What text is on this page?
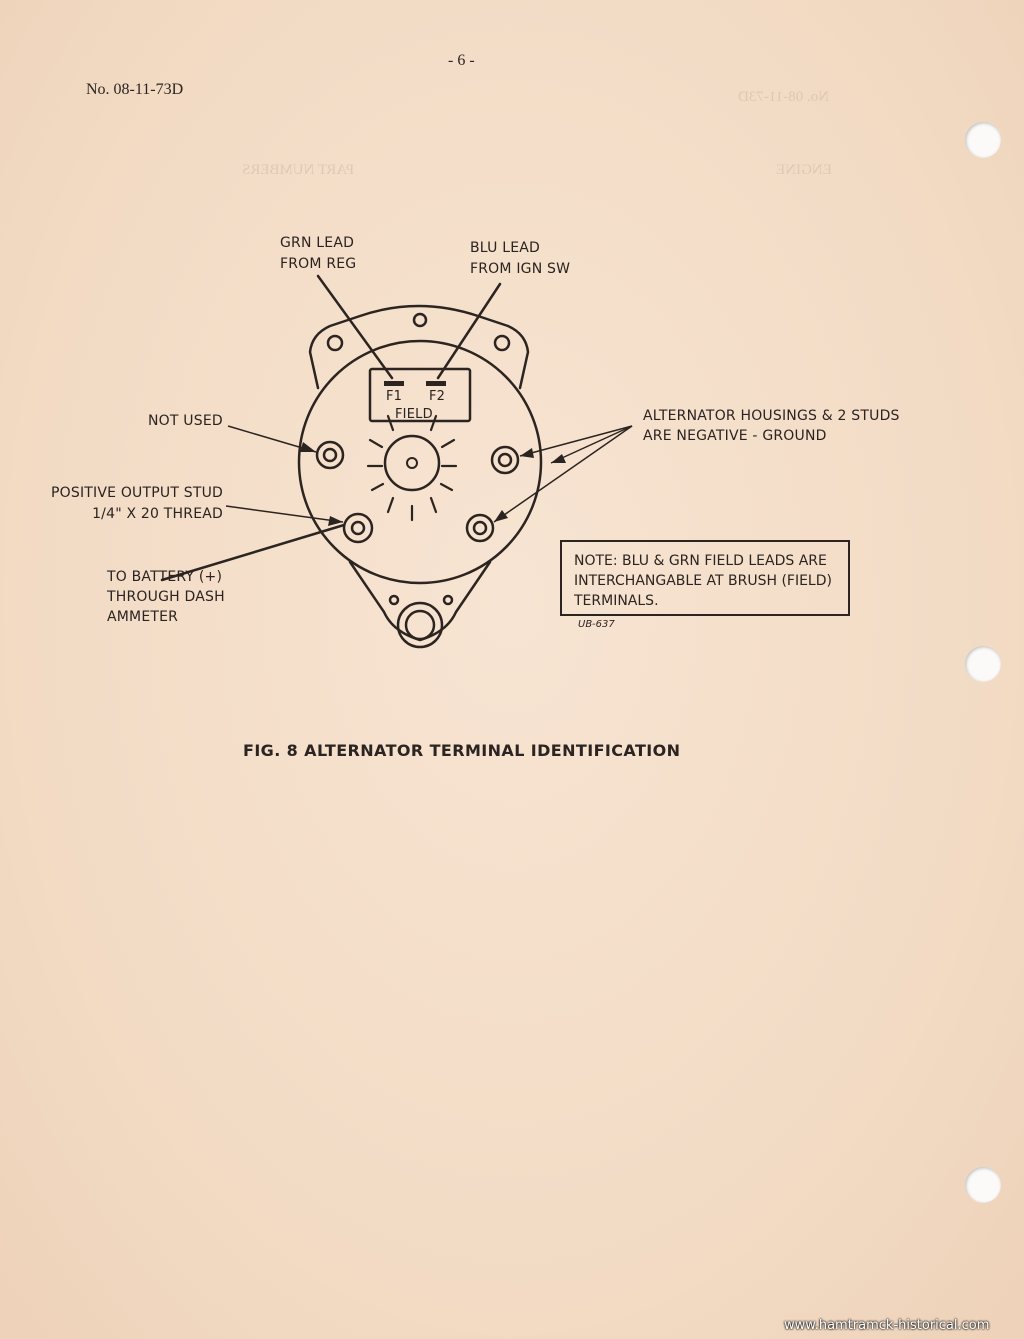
No. 08-11-73D
ENGINE
PART NUMBERS
- 6 -
No. 08-11-73D
GRN LEAD
FROM REG
BLU LEAD
FROM IGN SW
F1 F2
FIELD
NOT USED
POSITIVE OUTPUT STUD
1/4" X 20 THREAD
TO BATTERY (+)
THROUGH DASH
AMMETER
ALTERNATOR HOUSINGS & 2 STUDS
ARE NEGATIVE - GROUND
NOTE: BLU & GRN FIELD LEADS ARE
INTERCHANGABLE AT BRUSH (FIELD)
TERMINALS.
UB-637
FIG. 8 ALTERNATOR TERMINAL IDENTIFICATION
www.hamtramck-historical.com
